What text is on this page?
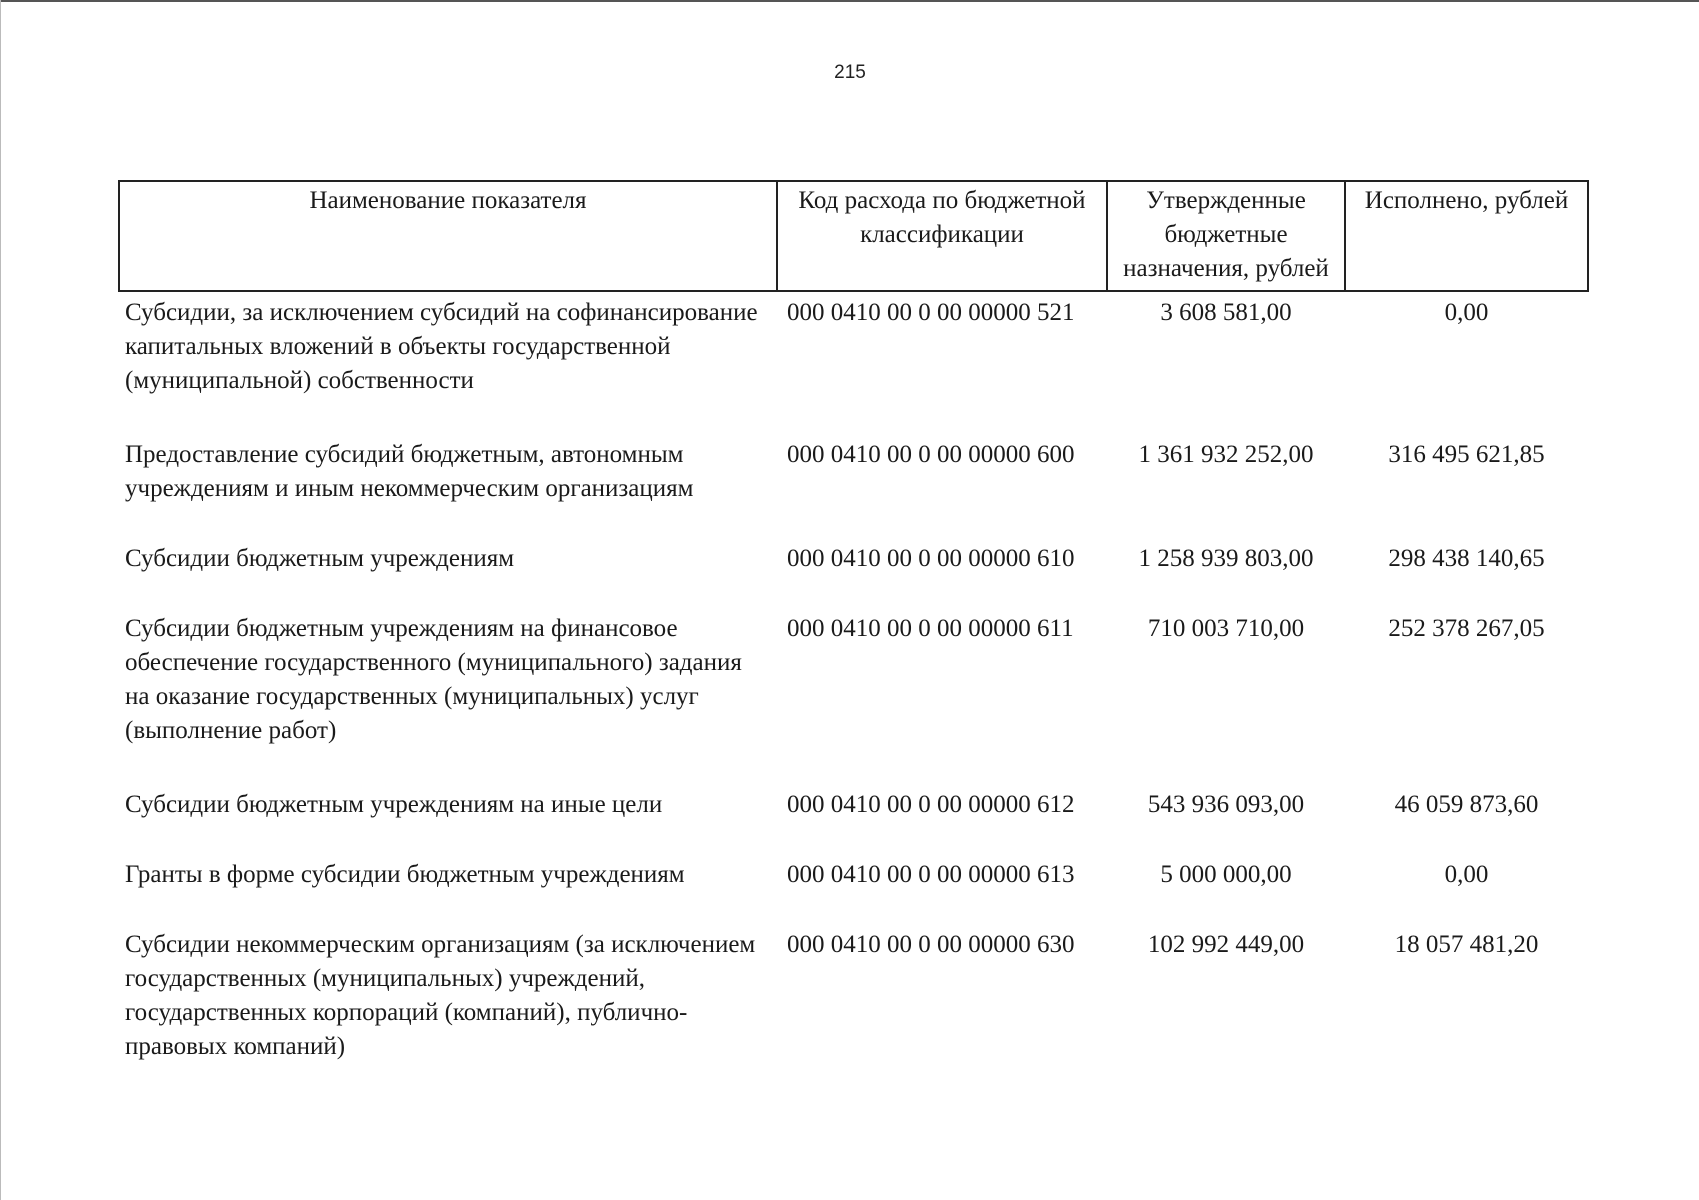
215
Наименование показателя	Код расхода по бюджетной классификации	Утвержденные бюджетные назначения, рублей	Исполнено, рублей
Субсидии, за исключением субсидий на софинансирование капитальных вложений в объекты государственной (муниципальной) собственности	000 0410 00 0 00 00000 521	3 608 581,00	0,00
Предоставление субсидий бюджетным, автономным учреждениям и иным некоммерческим организациям	000 0410 00 0 00 00000 600	1 361 932 252,00	316 495 621,85
Субсидии бюджетным учреждениям	000 0410 00 0 00 00000 610	1 258 939 803,00	298 438 140,65
Субсидии бюджетным учреждениям на финансовое обеспечение государственного (муниципального) задания на оказание государственных (муниципальных) услуг (выполнение работ)	000 0410 00 0 00 00000 611	710 003 710,00	252 378 267,05
Субсидии бюджетным учреждениям на иные цели	000 0410 00 0 00 00000 612	543 936 093,00	46 059 873,60
Гранты в форме субсидии бюджетным учреждениям	000 0410 00 0 00 00000 613	5 000 000,00	0,00
Субсидии некоммерческим организациям (за исключением государственных (муниципальных) учреждений, государственных корпораций (компаний), публично-правовых компаний)	000 0410 00 0 00 00000 630	102 992 449,00	18 057 481,20
